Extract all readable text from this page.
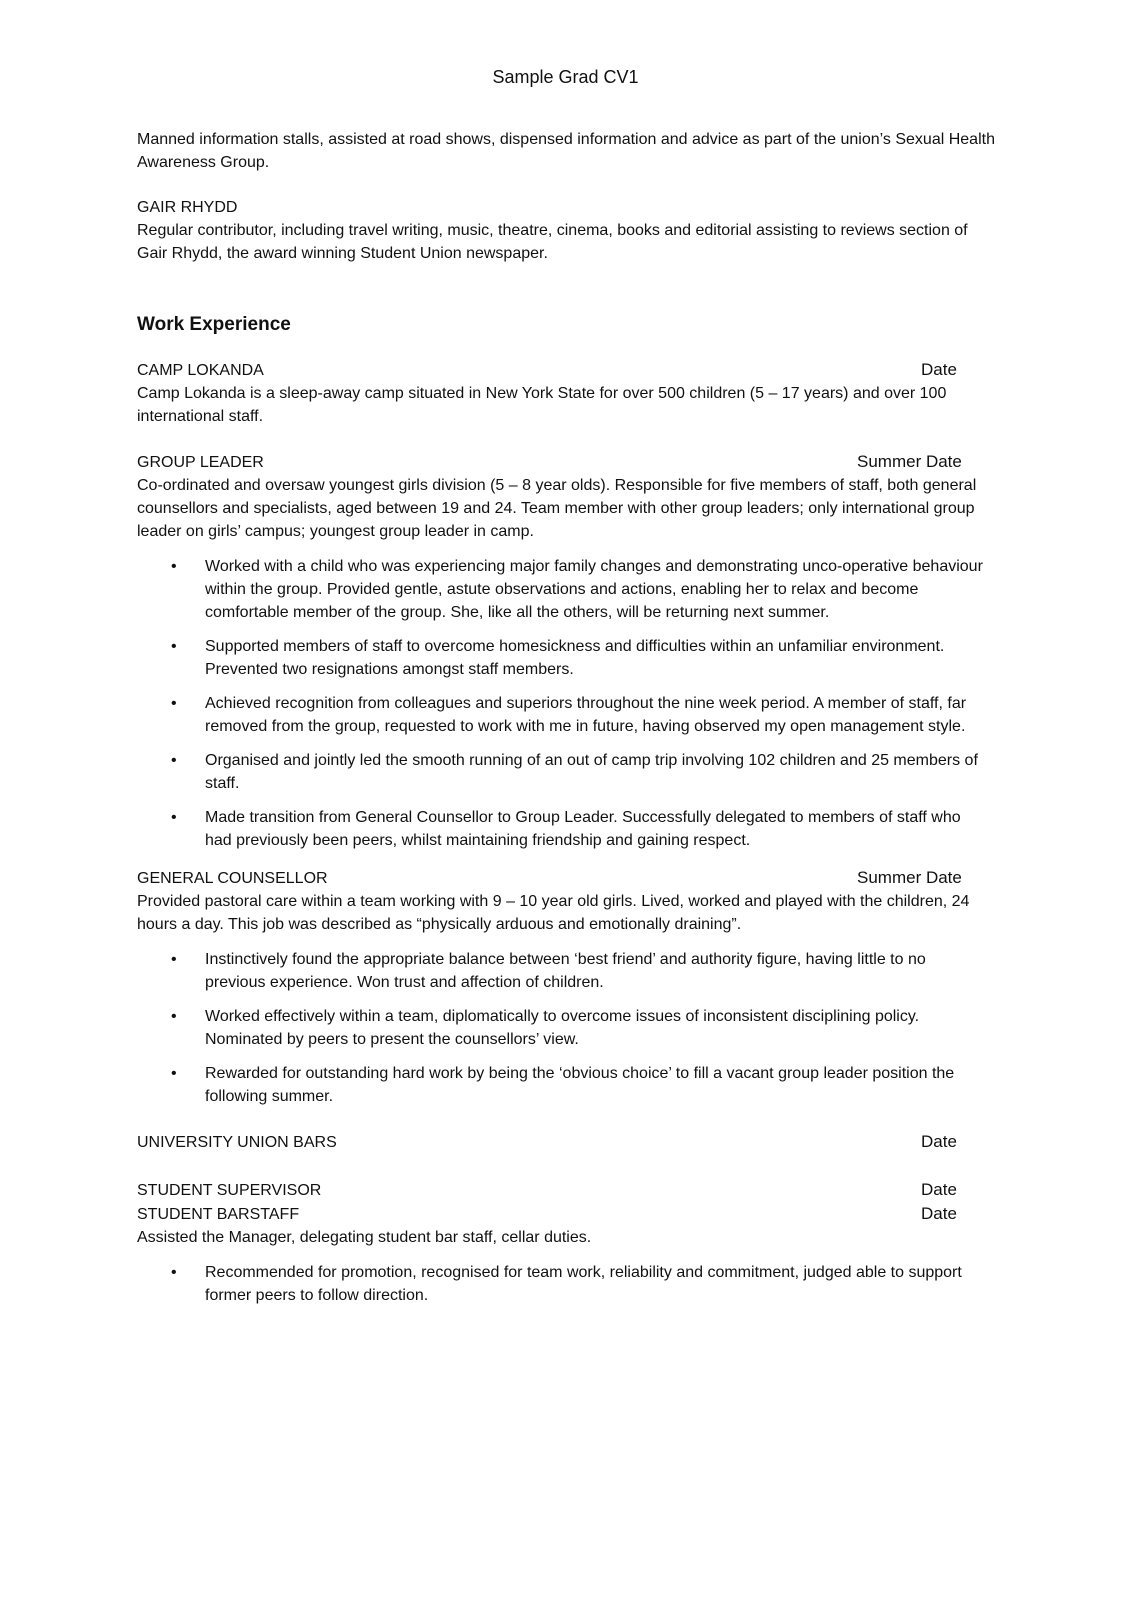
Sample Grad CV1

Manned information stalls, assisted at road shows, dispensed information and advice as part of the union’s Sexual Health Awareness Group.

GAIR RHYDD

Regular contributor, including travel writing, music, theatre, cinema, books and editorial assisting to reviews section of Gair Rhydd, the award winning Student Union newspaper.

Work Experience
CAMP LOKANDA	Date

Camp Lokanda is a sleep-away camp situated in New York State for over 500 children (5 – 17 years) and over 100 international staff.

GROUP LEADER	Summer Date

Co-ordinated and oversaw youngest girls division (5 – 8 year olds). Responsible for five members of staff, both general counsellors and specialists, aged between 19 and 24. Team member with other group leaders; only international group leader on girls’ campus; youngest group leader in camp.

• Worked with a child who was experiencing major family changes and demonstrating unco-operative behaviour within the group. Provided gentle, astute observations and actions, enabling her to relax and become comfortable member of the group. She, like all the others, will be returning next summer.
• Supported members of staff to overcome homesickness and difficulties within an unfamiliar environment. Prevented two resignations amongst staff members.
• Achieved recognition from colleagues and superiors throughout the nine week period. A member of staff, far removed from the group, requested to work with me in future, having observed my open management style.
• Organised and jointly led the smooth running of an out of camp trip involving 102 children and 25 members of staff.
• Made transition from General Counsellor to Group Leader. Successfully delegated to members of staff who had previously been peers, whilst maintaining friendship and gaining respect.
GENERAL COUNSELLOR	Summer Date

Provided pastoral care within a team working with 9 – 10 year old girls. Lived, worked and played with the children, 24 hours a day. This job was described as “physically arduous and emotionally draining”.

• Instinctively found the appropriate balance between ‘best friend’ and authority figure, having little to no previous experience. Won trust and affection of children.
• Worked effectively within a team, diplomatically to overcome issues of inconsistent disciplining policy. Nominated by peers to present the counsellors’ view.
• Rewarded for outstanding hard work by being the ‘obvious choice’ to fill a vacant group leader position the following summer.
UNIVERSITY UNION BARS	Date
STUDENT SUPERVISOR	Date
STUDENT BARSTAFF	Date

Assisted the Manager, delegating student bar staff, cellar duties.

• Recommended for promotion, recognised for team work, reliability and commitment, judged able to support former peers to follow direction.
